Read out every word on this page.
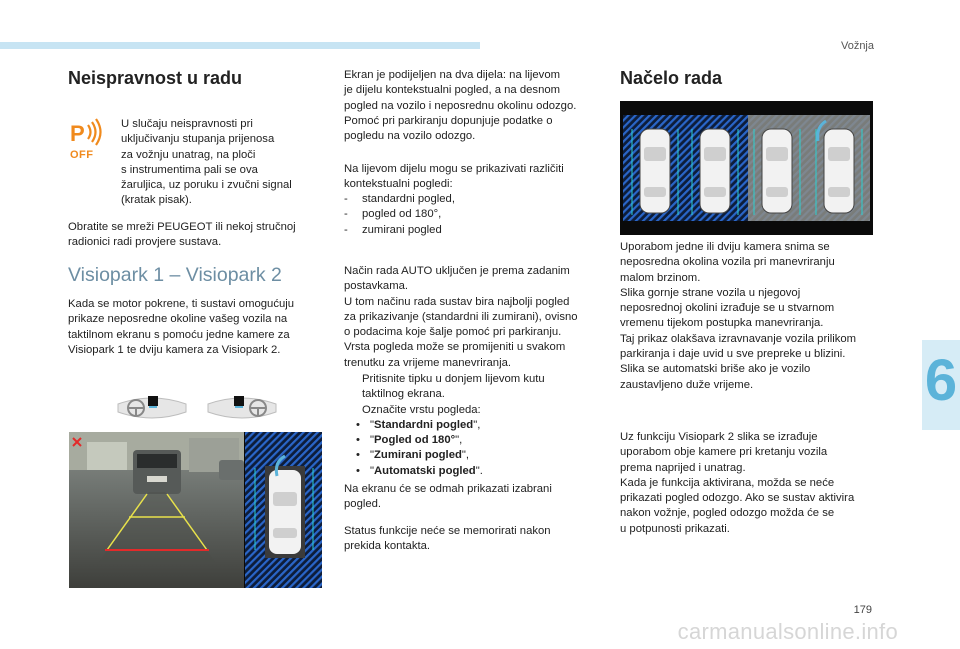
Vožnja
6
Neispravnost u radu
P
OFF

U slučaju neispravnosti pri

uključivanju stupanja prijenosa

za vožnju unatrag, na ploči

s instrumentima pali se ova

žaruljica, uz poruku i zvučni signal

(kratak pisak).

Obratite se mreži PEUGEOT ili nekoj stručnoj

radionici radi provjere sustava.

Visiopark 1 – Visiopark 2

Kada se motor pokrene, ti sustavi omogućuju

prikaze neposredne okoline vašeg vozila na

taktilnom ekranu s pomoću jedne kamere za

Visiopark 1 te dviju kamera za Visiopark 2.

Ekran je podijeljen na dva dijela: na lijevom

je dijelu kontekstualni pogled, a na desnom

pogled na vozilo i neposrednu okolinu odozgo.

Pomoć pri parkiranju dopunjuje podatke o

pogledu na vozilo odozgo.

Na lijevom dijelu mogu se prikazivati različiti

kontekstualni pogledi:

-	standardni pogled,
-	pogled od 180°,
-	zumirani pogled

Način rada AUTO uključen je prema zadanim

postavkama.

U tom načinu rada sustav bira najbolji pogled

za prikazivanje (standardni ili zumirani), ovisno

o podacima koje šalje pomoć pri parkiranju.

Vrsta pogleda može se promijeniti u svakom

trenutku za vrijeme manevriranja.

Pritisnite tipku u donjem lijevom kutu
taktilnog ekrana.
Označite vrstu pogleda:
• "Standardni pogled",
• "Pogled od 180°",
• "Zumirani pogled",
• "Automatski pogled".

Na ekranu će se odmah prikazati izabrani

pogled.

Status funkcije neće se memorirati nakon

prekida kontakta.

Načelo rada

Uporabom jedne ili dviju kamera snima se

neposredna okolina vozila pri manevriranju

malom brzinom.

Slika gornje strane vozila u njegovoj

neposrednoj okolini izrađuje se u stvarnom

vremenu tijekom postupka manevriranja.

Taj prikaz olakšava izravnavanje vozila prilikom

parkiranja i daje uvid u sve prepreke u blizini.

Slika se automatski briše ako je vozilo

zaustavljeno duže vrijeme.

Uz funkciju Visiopark 2 slika se izrađuje

uporabom obje kamere pri kretanju vozila

prema naprijed i unatrag.

Kada je funkcija aktivirana, možda se neće

prikazati pogled odozgo. Ako se sustav aktivira

nakon vožnje, pogled odozgo možda će se

u potpunosti prikazati.

179
carmanualsonline.info
